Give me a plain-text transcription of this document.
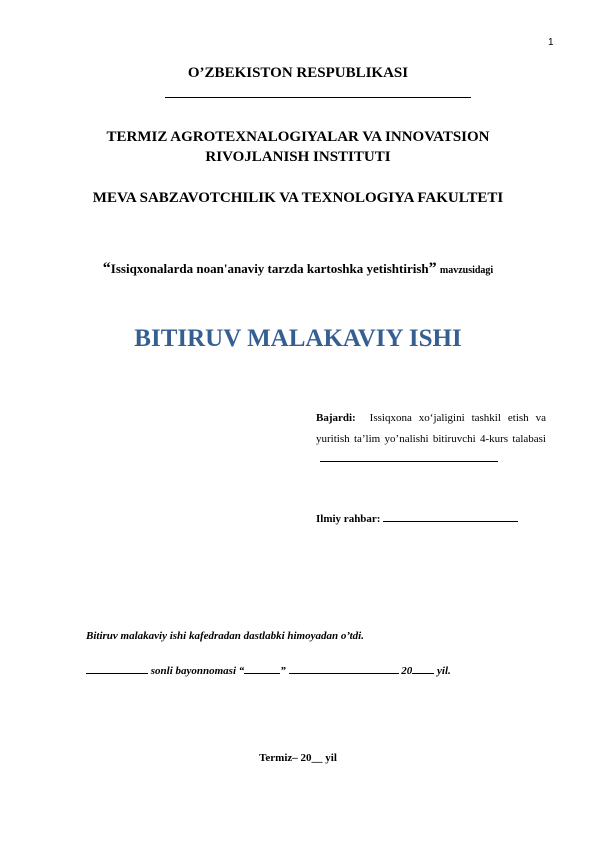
1
O’ZBEKISTON RESPUBLIKASI
TERMIZ AGROTEXNALOGIYALAR VA INNOVATSION
RIVOJLANISH INSTITUTI
MEVA SABZAVOTCHILIK VA TEXNOLOGIYA FAKULTETI
“Issiqxonalarda noan'anaviy tarzda kartoshka yetishtirish” mavzusidagi
BITIRUV MALAKAVIY ISHI
Bajardi: Issiqxona xo‘jaligini tashkil etish va yuritish ta’lim yo’nalishi bitiruvchi 4-kurs talabasi
Ilmiy rahbar:
Bitiruv malakaviy ishi kafedradan dastlabki himoyadan o’tdi.
sonli bayonnomasi “	”	20 yil.
Termiz– 20__ yil
